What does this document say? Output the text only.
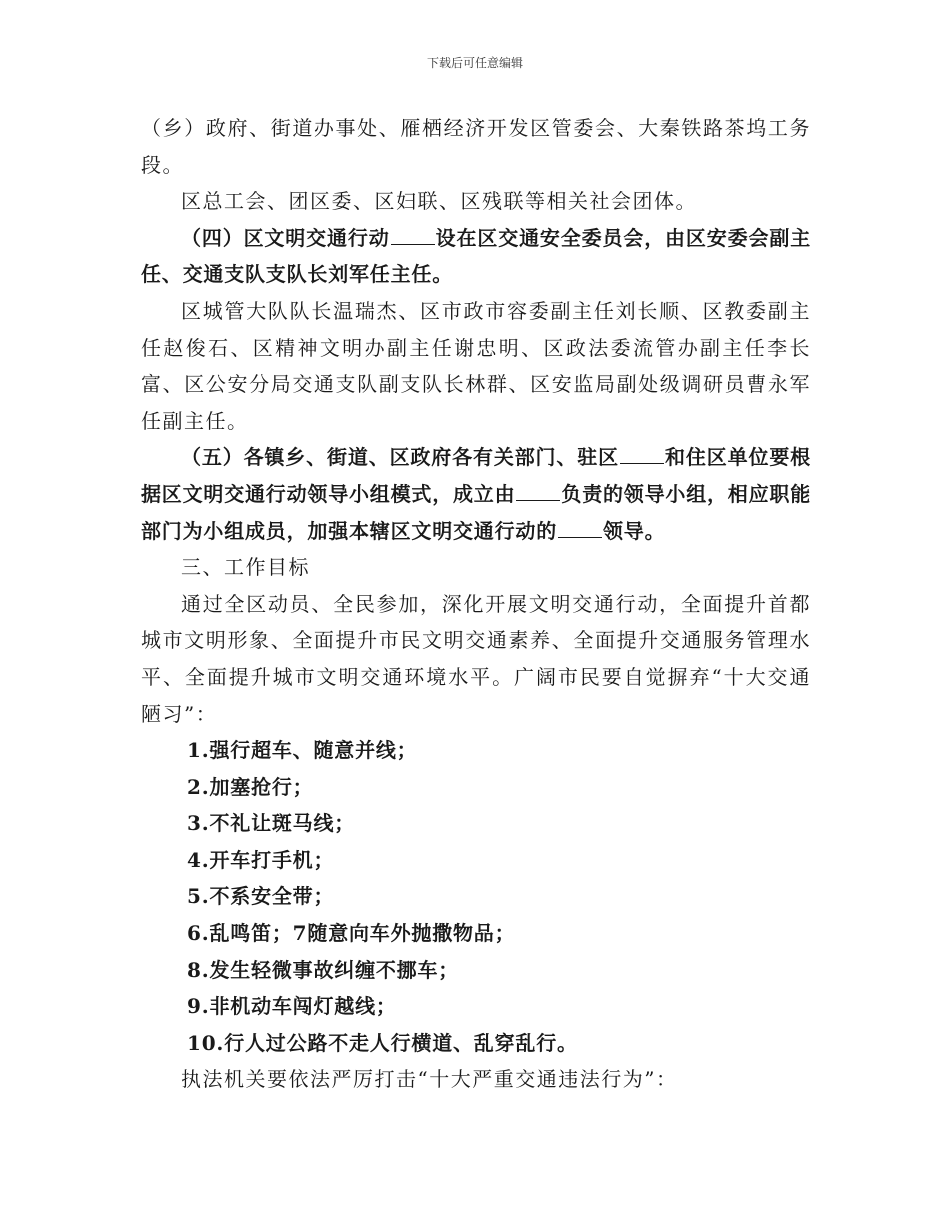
下载后可任意编辑

（乡）政府、街道办事处、雁栖经济开发区管委会、大秦铁路茶坞工务段。

区总工会、团区委、区妇联、区残联等相关社会团体。

（四）区文明交通行动 设在区交通安全委员会，由区安委会副主任、交通支队支队长刘军任主任。

区城管大队队长温瑞杰、区市政市容委副主任刘长顺、区教委副主任赵俊石、区精神文明办副主任谢忠明、区政法委流管办副主任李长富、区公安分局交通支队副支队长林群、区安监局副处级调研员曹永军任副主任。

（五）各镇乡、街道、区政府各有关部门、驻区 和住区单位要根据区文明交通行动领导小组模式，成立由 负责的领导小组，相应职能部门为小组成员，加强本辖区文明交通行动的 领导。

三、工作目标

通过全区动员、全民参加，深化开展文明交通行动，全面提升首都城市文明形象、全面提升市民文明交通素养、全面提升交通服务管理水平、全面提升城市文明交通环境水平。广阔市民要自觉摒弃“十大交通陋习”：

1.强行超车、随意并线；

2.加塞抢行；

3.不礼让斑马线；

4.开车打手机；

5.不系安全带；

6.乱鸣笛；7随意向车外抛撒物品；

8.发生轻微事故纠缠不挪车；

9.非机动车闯灯越线；

10.行人过公路不走人行横道、乱穿乱行。

执法机关要依法严厉打击“十大严重交通违法行为”：
